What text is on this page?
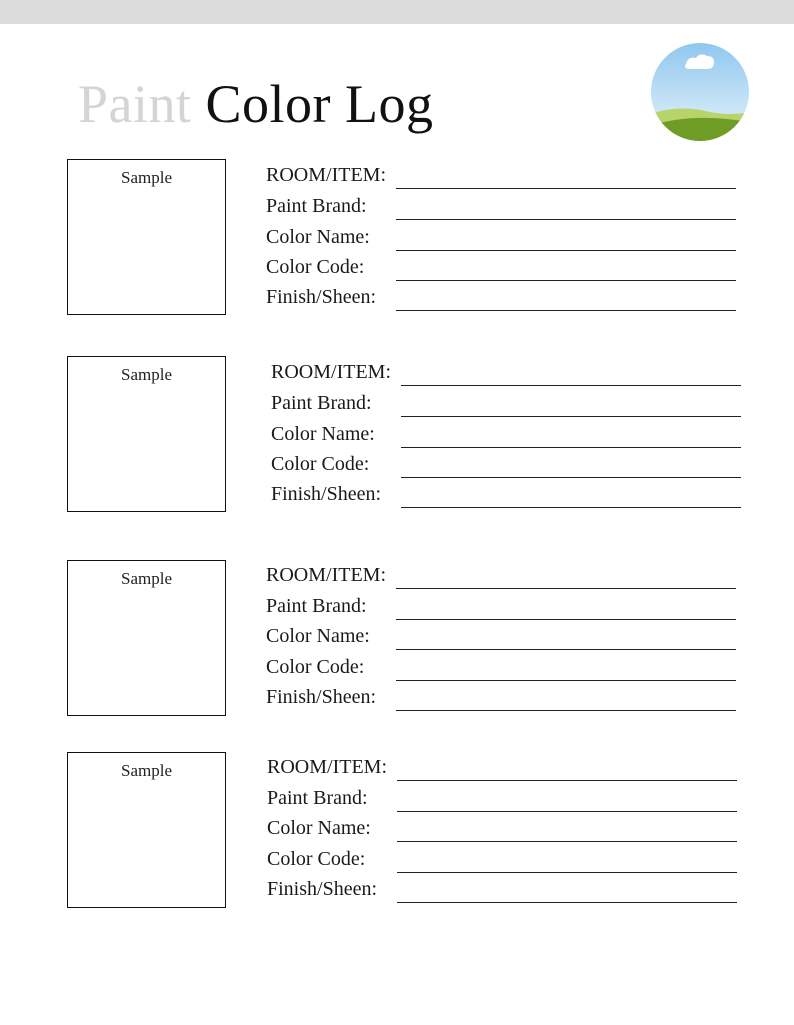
Paint Color Log
Sample	ROOM/ITEM:
Paint Brand:
Color Name:
Color Code:
Finish/Sheen:
Sample	ROOM/ITEM:
Paint Brand:
Color Name:
Color Code:
Finish/Sheen:
Sample	ROOM/ITEM:
Paint Brand:
Color Name:
Color Code:
Finish/Sheen:
Sample	ROOM/ITEM:
Paint Brand:
Color Name:
Color Code:
Finish/Sheen:
